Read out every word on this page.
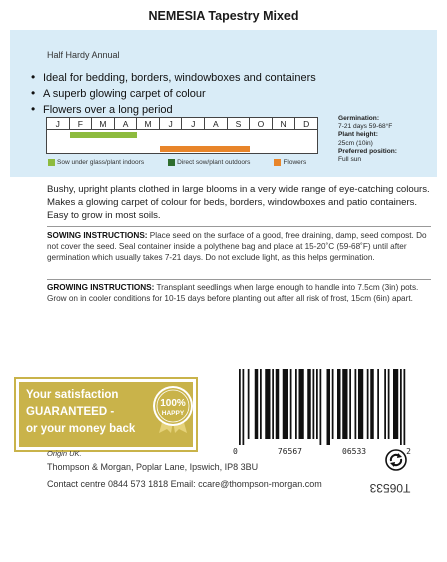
NEMESIA Tapestry Mixed
Half Hardy Annual
• Ideal for bedding, borders, windowboxes and containers
• A superb glowing carpet of colour
• Flowers over a long period
J	F	M	A	M	J	J	A	S	O	N	D
Sow under glass/plant indoors	Direct sow/plant outdoors	Flowers
Germination:
7-21 days 59-68°F
Plant height:
25cm (10in)
Preferred position:
Full sun
Bushy, upright plants clothed in large blooms in a very wide range of eye-catching colours. Makes a glowing carpet of colour for beds, borders, windowboxes and patio containers. Easy to grow in most soils.
SOWING INSTRUCTIONS: Place seed on the surface of a good, free draining, damp, seed compost. Do not cover the seed. Seal container inside a polythene bag and place at 15-20˚C (59-68˚F) until after germination which usually takes 7-21 days. Do not exclude light, as this helps germination.
GROWING INSTRUCTIONS: Transplant seedlings when large enough to handle into 7.5cm (3in) pots. Grow on in cooler conditions for 10-15 days before planting out after all risk of frost, 15cm (6in) apart.
Your satisfaction
GUARANTEED -
or your money back
100%
HAPPY
0	76567	06533	2
Origin UK.
Thompson & Morgan, Poplar Lane, Ipswich, IP8 3BU
Contact centre 0844 573 1818 Email: ccare@thompson-morgan.com	T06533
